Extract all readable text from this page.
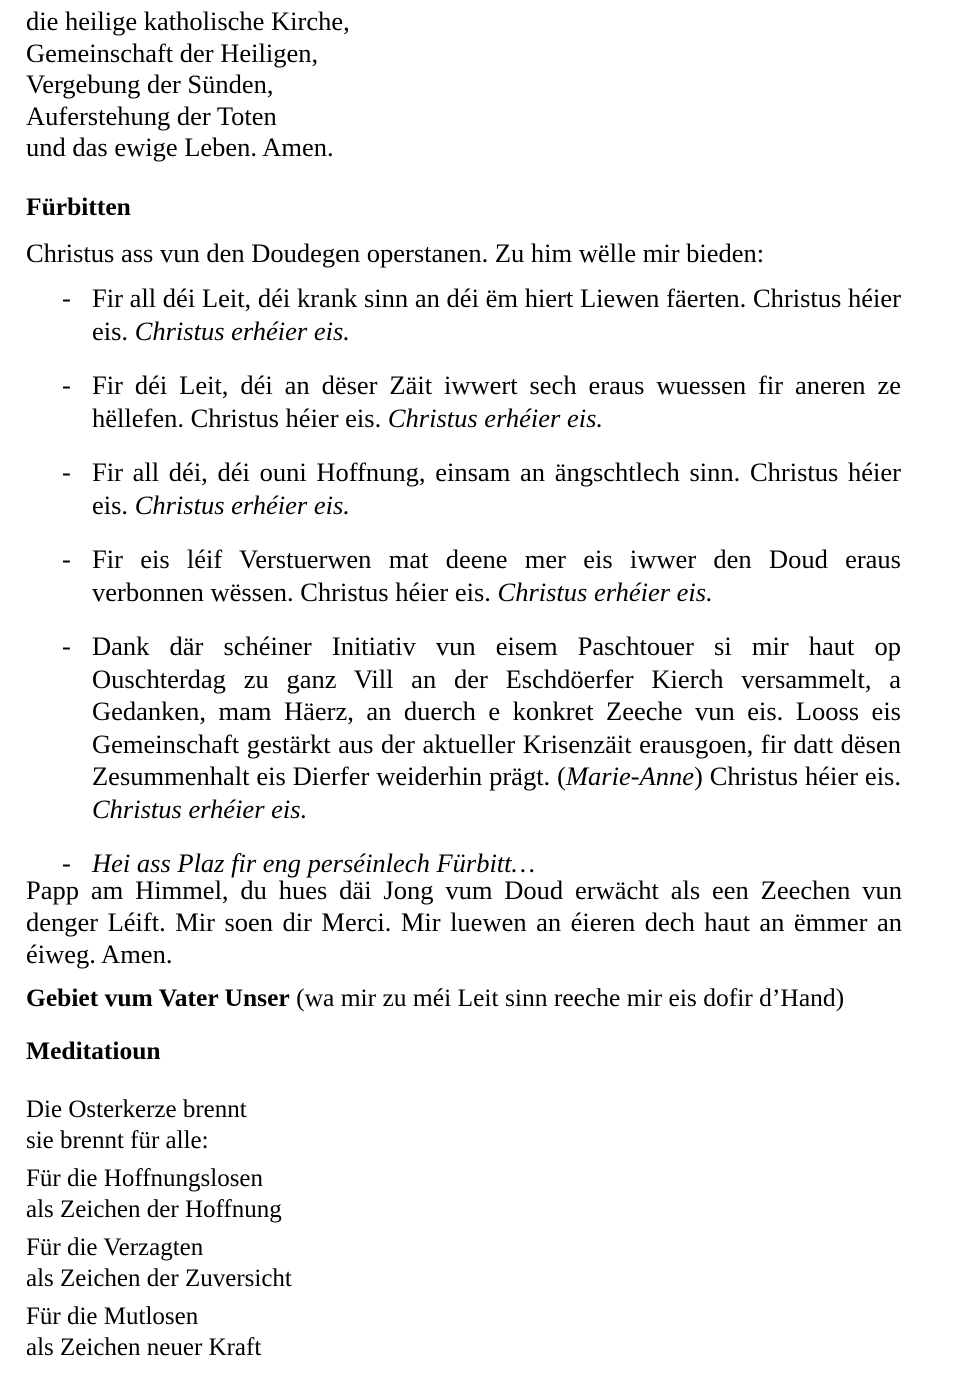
die heilige katholische Kirche,
Gemeinschaft der Heiligen,
Vergebung der Sünden,
Auferstehung der Toten
und das ewige Leben. Amen.
Fürbitten
Christus ass vun den Doudegen operstanen. Zu him wëlle mir bieden:
- Fir all déi Leit, déi krank sinn an déi ëm hiert Liewen fäerten. Christus héier eis. Christus erhéier eis.
- Fir déi Leit, déi an dëser Zäit iwwert sech eraus wuessen fir aneren ze hëllefen. Christus héier eis. Christus erhéier eis.
- Fir all déi, déi ouni Hoffnung, einsam an ängschtlech sinn. Christus héier eis. Christus erhéier eis.
- Fir eis léif Verstuerwen mat deene mer eis iwwer den Doud eraus verbonnen wëssen. Christus héier eis. Christus erhéier eis.
- Dank där schéiner Initiativ vun eisem Paschtouer si mir haut op Ouschterdag zu ganz Vill an der Eschdöerfer Kierch versammelt, a Gedanken, mam Häerz, an duerch e konkret Zeeche vun eis. Looss eis Gemeinschaft gestärkt aus der aktueller Krisenzäit erausgoen, fir datt dësen Zesummenhalt eis Dierfer weiderhin prägt. (Marie-Anne) Christus héier eis. Christus erhéier eis.
- Hei ass Plaz fir eng perséinlech Fürbitt…
Papp am Himmel, du hues däi Jong vum Doud erwächt als een Zeechen vun denger Léift. Mir soen dir Merci. Mir luewen an éieren dech haut an ëmmer an éiweg. Amen.
Gebiet vum Vater Unser (wa mir zu méi Leit sinn reeche mir eis dofir d’Hand)
Meditatioun
Die Osterkerze brennt
sie brennt für alle:
Für die Hoffnungslosen
als Zeichen der Hoffnung
Für die Verzagten
als Zeichen der Zuversicht
Für die Mutlosen
als Zeichen neuer Kraft
